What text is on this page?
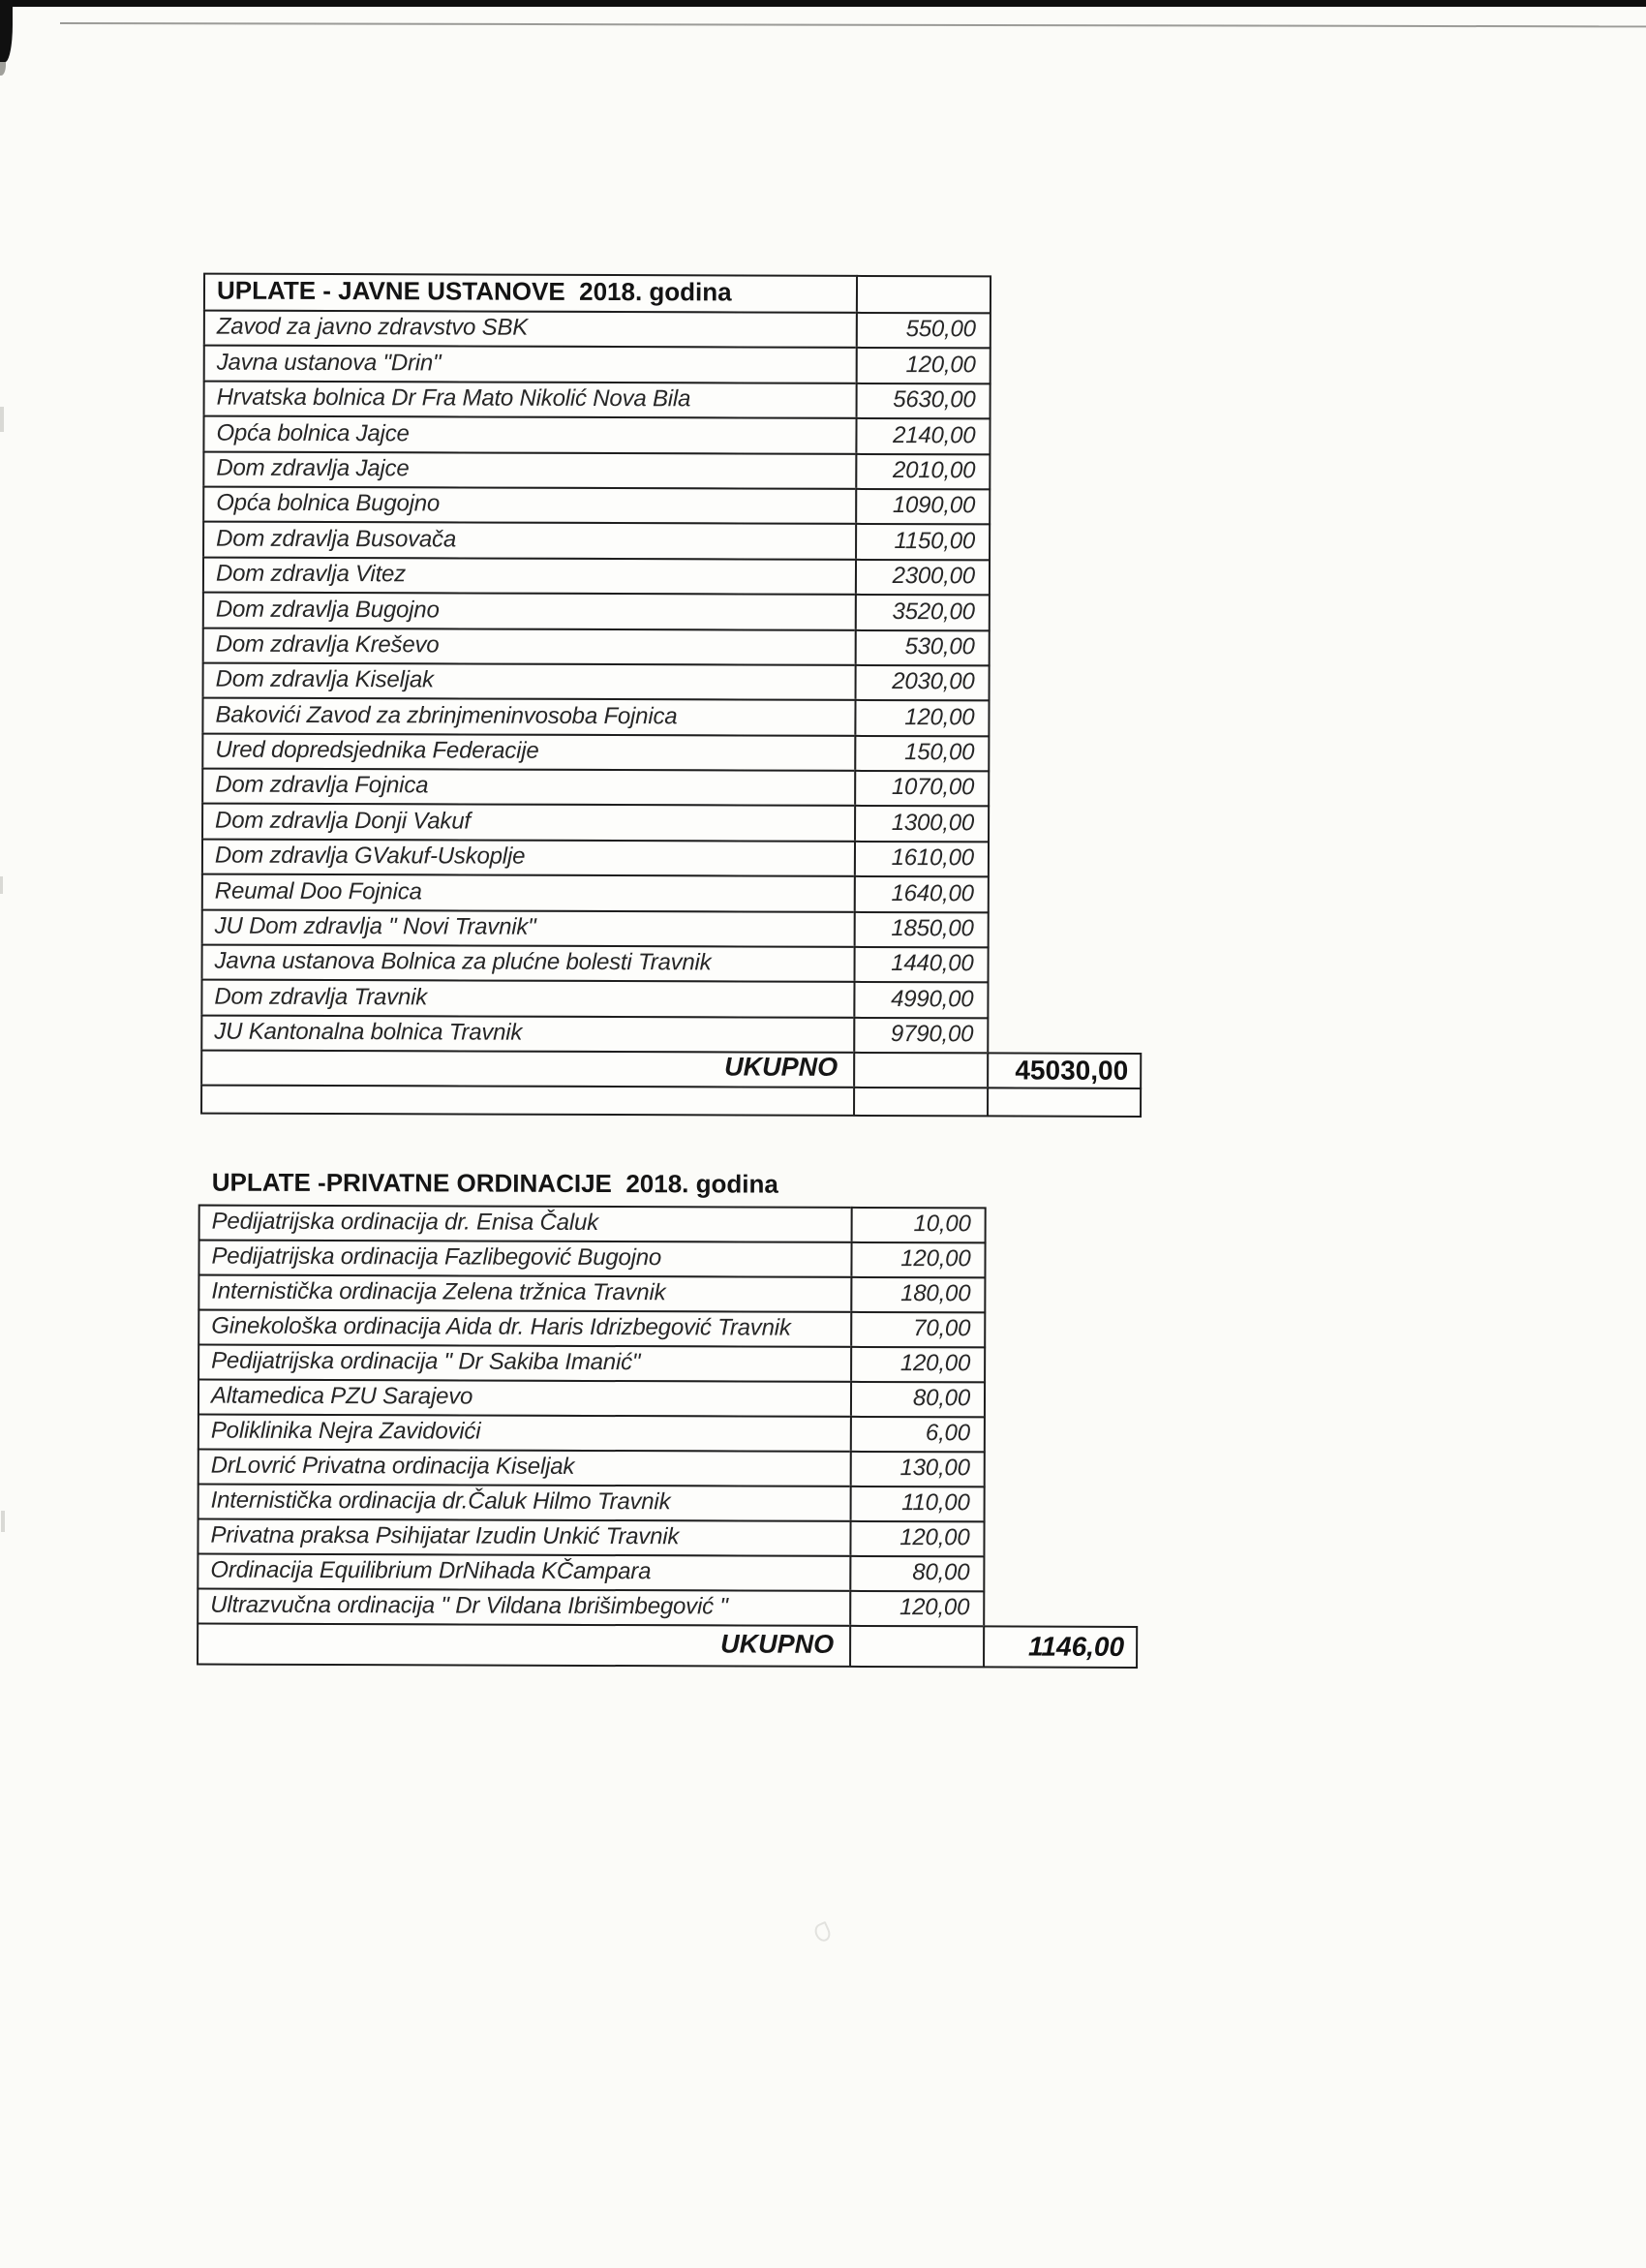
UPLATE - JAVNE USTANOVE  2018. godina
Zavod za javno zdravstvo SBK	550,00
Javna ustanova "Drin"	120,00
Hrvatska bolnica Dr Fra Mato Nikolić Nova Bila	5630,00
Opća bolnica Jajce	2140,00
Dom zdravlja Jajce	2010,00
Opća bolnica Bugojno	1090,00
Dom zdravlja Busovača	1150,00
Dom zdravlja Vitez	2300,00
Dom zdravlja Bugojno	3520,00
Dom zdravlja Kreševo	530,00
Dom zdravlja Kiseljak	2030,00
Bakovići Zavod za zbrinjmeninvosoba Fojnica	120,00
Ured dopredsjednika Federacije	150,00
Dom zdravlja Fojnica	1070,00
Dom zdravlja Donji Vakuf	1300,00
Dom zdravlja GVakuf-Uskoplje	1610,00
Reumal Doo Fojnica	1640,00
JU Dom zdravlja " Novi Travnik"	1850,00
Javna ustanova Bolnica za plućne bolesti Travnik	1440,00
Dom zdravlja Travnik	4990,00
JU Kantonalna bolnica Travnik	9790,00
UKUPNO	45030,00
UPLATE -PRIVATNE ORDINACIJE  2018. godina
Pedijatrijska ordinacija dr. Enisa Čaluk	10,00
Pedijatrijska ordinacija Fazlibegović Bugojno	120,00
Internistička ordinacija Zelena tržnica Travnik	180,00
Ginekološka ordinacija Aida dr. Haris Idrizbegović Travnik	70,00
Pedijatrijska ordinacija " Dr Sakiba Imanić"	120,00
Altamedica PZU Sarajevo	80,00
Poliklinika Nejra Zavidovići	6,00
DrLovrić Privatna ordinacija Kiseljak	130,00
Internistička ordinacija dr.Čaluk Hilmo Travnik	110,00
Privatna praksa Psihijatar Izudin Unkić Travnik	120,00
Ordinacija Equilibrium DrNihada KČampara	80,00
Ultrazvučna ordinacija " Dr Vildana Ibrišimbegović "	120,00
UKUPNO	1146,00
